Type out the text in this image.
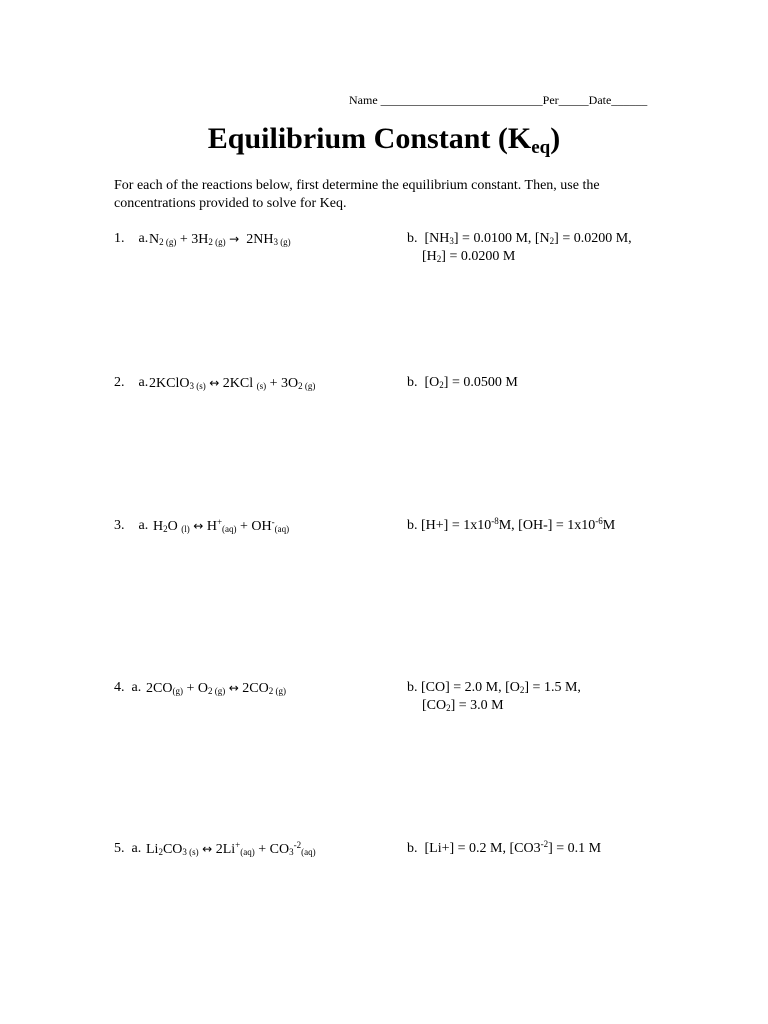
Name ___________________________Per_____Date______
Equilibrium Constant $(K_{eq})$
For each of the reactions below, first determine the equilibrium constant. Then, use the concentrations provided to solve for Keq.
1.    a. $N_{2 (g)} + 3H_{2 (g)} \to 2NH_{3 (g)}$	b.  $[NH_3] = 0.0100$ M, $[N_2] = 0.0200$ M,
$[H_2] = 0.0200$ M
2.    a. 2KClO$_{3 (s)}$ ↔ 2KCl $_{(s)} + 3O_{2 (g)}$	b.  $[O_2] = 0.0500$ M
3.    a. $H_2O$ $_{(l)}$ ↔ $H^+_{(aq)} + OH^-_{(aq)}$	b. $[H+] = 1x10^{-8}M$, $[OH-] = 1x10^{-6}M$
4.  a. $2CO_{(g)} + O_{2 (g)}$ ↔ $2CO_{2 (g)}$	b. [CO] = 2.0 M, $[O_2] = 1.5$ M,
$[CO_2] = 3.0$ M
5.  a. $Li_2CO_{3 (s)}$ ↔ $2Li^+_{(aq)} + CO_3^{-2}_{(aq)}$	b.  [Li+] = 0.2 M, $[CO3^{-2}] = 0.1$ M
